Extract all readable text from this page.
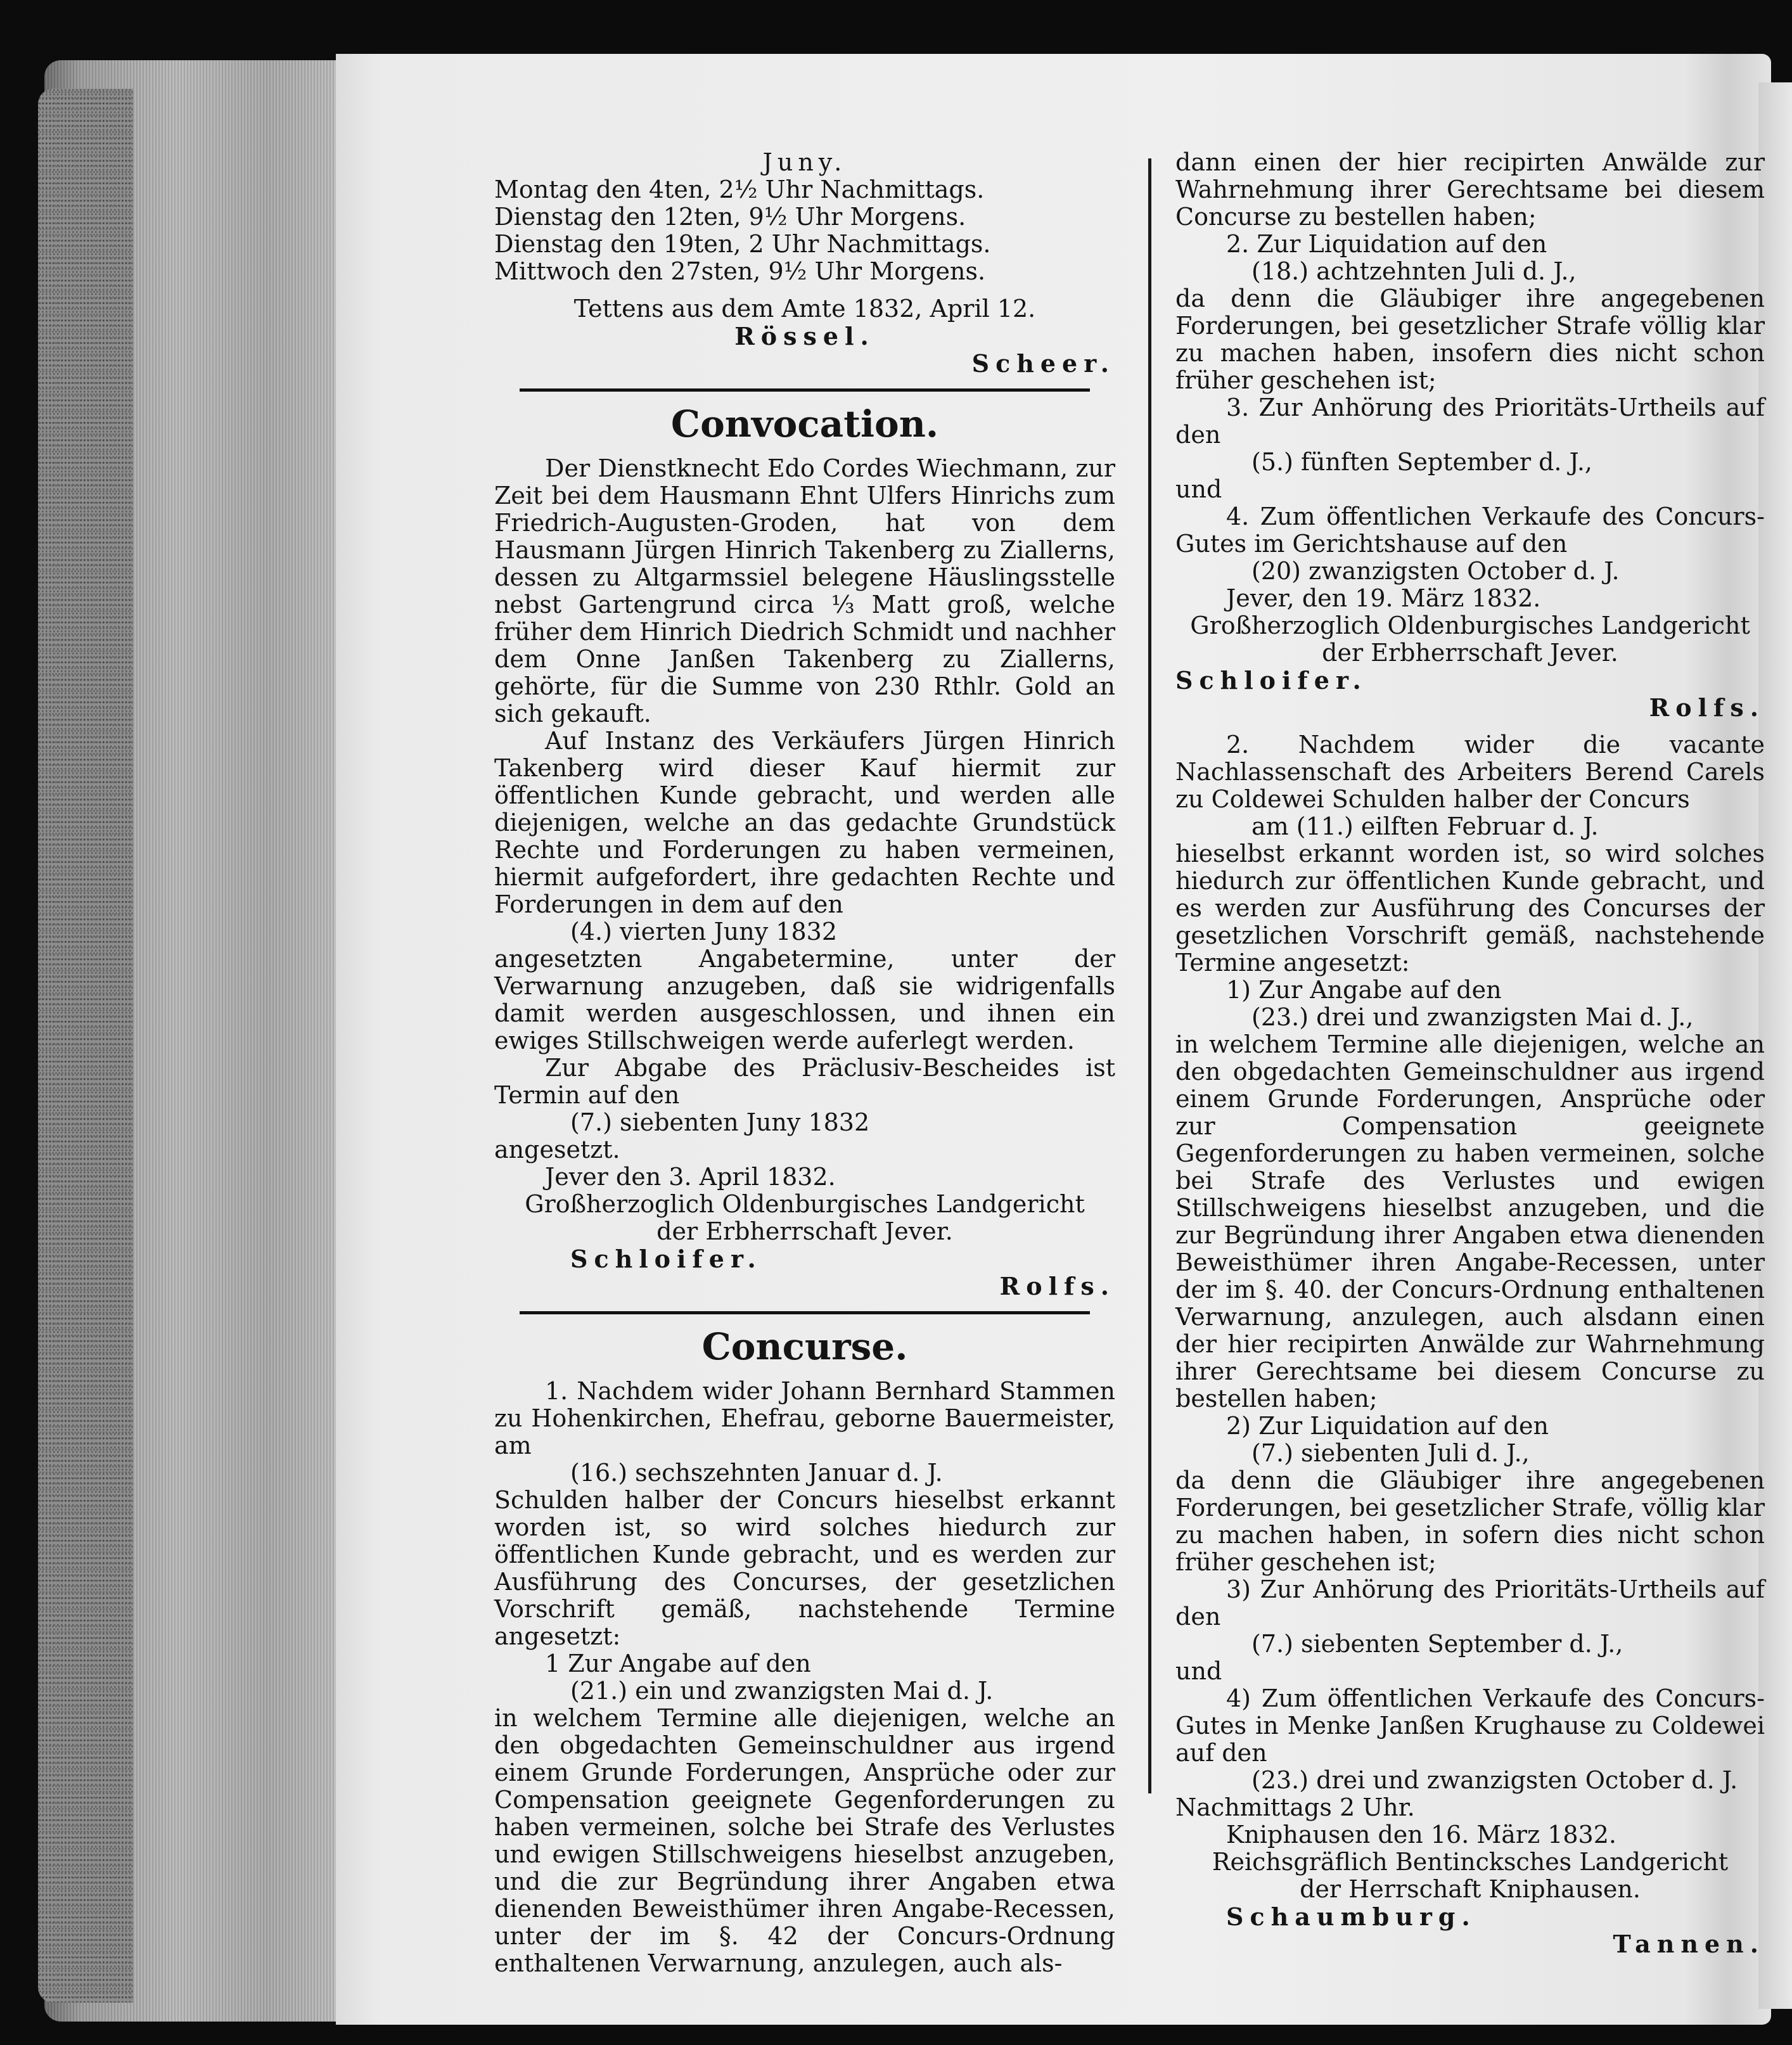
Juny.

Montag den 4ten, 2½ Uhr Nachmittags.

Dienstag den 12ten, 9½ Uhr Morgens.

Dienstag den 19ten, 2 Uhr Nachmittags.

Mittwoch den 27sten, 9½ Uhr Morgens.

Tettens aus dem Amte 1832, April 12.

Rössel.

Scheer.

Convocation.

Der Dienstknecht Edo Cordes Wiechmann, zur Zeit bei dem Hausmann Ehnt Ulfers Hinrichs zum Friedrich-Augusten-Groden, hat von dem Hausmann Jürgen Hinrich Takenberg zu Ziallerns, dessen zu Altgarmssiel belegene Häuslingsstelle nebst Gartengrund circa ⅓ Matt groß, welche früher dem Hinrich Diedrich Schmidt und nachher dem Onne Janßen Takenberg zu Ziallerns, gehörte, für die Summe von 230 Rthlr. Gold an sich gekauft.

Auf Instanz des Verkäufers Jürgen Hinrich Takenberg wird dieser Kauf hiermit zur öffentlichen Kunde gebracht, und werden alle diejenigen, welche an das gedachte Grundstück Rechte und Forderungen zu haben vermeinen, hiermit aufgefordert, ihre gedachten Rechte und Forderungen in dem auf den

(4.) vierten Juny 1832

angesetzten Angabetermine, unter der Verwarnung anzugeben, daß sie widrigenfalls damit werden ausgeschlossen, und ihnen ein ewiges Stillschweigen werde auferlegt werden.

Zur Abgabe des Präclusiv-Bescheides ist Termin auf den

(7.) siebenten Juny 1832

angesetzt.

Jever den 3. April 1832.

Großherzoglich Oldenburgisches Landgericht

der Erbherrschaft Jever.

Schloifer.

Rolfs.

Concurse.

1. Nachdem wider Johann Bernhard Stammen zu Hohenkirchen, Ehefrau, geborne Bauermeister, am

(16.) sechszehnten Januar d. J.

Schulden halber der Concurs hieselbst erkannt worden ist, so wird solches hiedurch zur öffentlichen Kunde gebracht, und es werden zur Ausführung des Concurses, der gesetzlichen Vorschrift gemäß, nachstehende Termine angesetzt:

1 Zur Angabe auf den

(21.) ein und zwanzigsten Mai d. J.

in welchem Termine alle diejenigen, welche an den obgedachten Gemeinschuldner aus irgend einem Grunde Forderungen, Ansprüche oder zur Compensation geeignete Gegenforderungen zu haben vermeinen, solche bei Strafe des Verlustes und ewigen Stillschweigens hieselbst anzugeben, und die zur Begründung ihrer Angaben etwa dienenden Beweisthümer ihren Angabe-Recessen, unter der im §. 42 der Concurs-Ordnung enthaltenen Verwarnung, anzulegen, auch als-

dann einen der hier recipirten Anwälde zur Wahrnehmung ihrer Gerechtsame bei diesem Concurse zu bestellen haben;

2. Zur Liquidation auf den

(18.) achtzehnten Juli d. J.,

da denn die Gläubiger ihre angegebenen Forderungen, bei gesetzlicher Strafe völlig klar zu machen haben, insofern dies nicht schon früher geschehen ist;

3. Zur Anhörung des Prioritäts-Urtheils auf den

(5.) fünften September d. J.,

und

4. Zum öffentlichen Verkaufe des Concurs-Gutes im Gerichtshause auf den

(20) zwanzigsten October d. J.

Jever, den 19. März 1832.

Großherzoglich Oldenburgisches Landgericht

der Erbherrschaft Jever.

Schloifer.

Rolfs.

2. Nachdem wider die vacante Nachlassenschaft des Arbeiters Berend Carels zu Coldewei Schulden halber der Concurs

am (11.) eilften Februar d. J.

hieselbst erkannt worden ist, so wird solches hiedurch zur öffentlichen Kunde gebracht, und es werden zur Ausführung des Concurses der gesetzlichen Vorschrift gemäß, nachstehende Termine angesetzt:

1) Zur Angabe auf den

(23.) drei und zwanzigsten Mai d. J.,

in welchem Termine alle diejenigen, welche an den obgedachten Gemeinschuldner aus irgend einem Grunde Forderungen, Ansprüche oder zur Compensation geeignete Gegenforderungen zu haben vermeinen, solche bei Strafe des Verlustes und ewigen Stillschweigens hieselbst anzugeben, und die zur Begründung ihrer Angaben etwa dienenden Beweisthümer ihren Angabe-Recessen, unter der im §. 40. der Concurs-Ordnung enthaltenen Verwarnung, anzulegen, auch alsdann einen der hier recipirten Anwälde zur Wahrnehmung ihrer Gerechtsame bei diesem Concurse zu bestellen haben;

2) Zur Liquidation auf den

(7.) siebenten Juli d. J.,

da denn die Gläubiger ihre angegebenen Forderungen, bei gesetzlicher Strafe, völlig klar zu machen haben, in sofern dies nicht schon früher geschehen ist;

3) Zur Anhörung des Prioritäts-Urtheils auf den

(7.) siebenten September d. J.,

und

4) Zum öffentlichen Verkaufe des Concurs-Gutes in Menke Janßen Krughause zu Coldewei auf den

(23.) drei und zwanzigsten October d. J.

Nachmittags 2 Uhr.

Kniphausen den 16. März 1832.

Reichsgräflich Bentincksches Landgericht

der Herrschaft Kniphausen.

Schaumburg.

Tannen.
